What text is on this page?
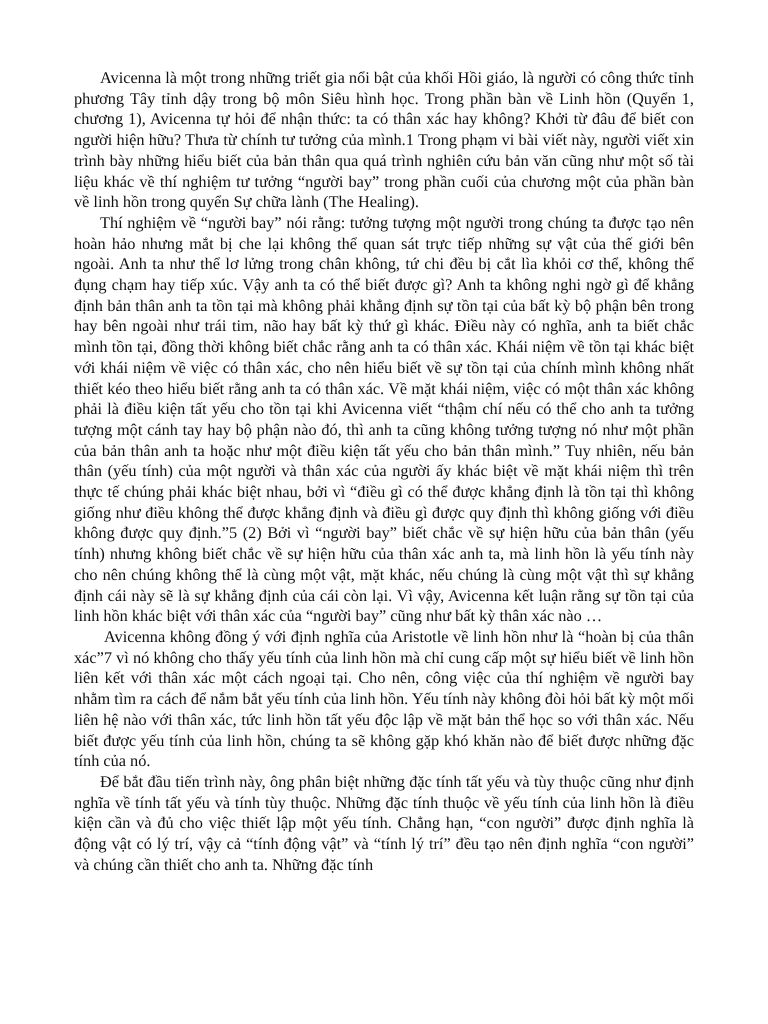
Avicenna là một trong những triết gia nổi bật của khối Hồi giáo, là người có công thức tỉnh phương Tây tỉnh dậy trong bộ môn Siêu hình học. Trong phần bàn về Linh hồn (Quyển 1, chương 1), Avicenna tự hỏi để nhận thức: ta có thân xác hay không? Khởi từ đâu để biết con người hiện hữu? Thưa từ chính tư tưởng của mình.1 Trong phạm vi bài viết này, người viết xin trình bày những hiểu biết của bản thân qua quá trình nghiên cứu bản văn cũng như một số tài liệu khác về thí nghiệm tư tưởng “người bay” trong phần cuối của chương một của phần bàn về linh hồn trong quyển Sự chữa lành (The Healing).

Thí nghiệm về “người bay” nói rằng: tưởng tượng một người trong chúng ta được tạo nên hoàn hảo nhưng mắt bị che lại không thể quan sát trực tiếp những sự vật của thế giới bên ngoài. Anh ta như thể lơ lửng trong chân không, tứ chi đều bị cắt lìa khỏi cơ thể, không thể đụng chạm hay tiếp xúc. Vậy anh ta có thể biết được gì? Anh ta không nghi ngờ gì để khẳng định bản thân anh ta tồn tại mà không phải khẳng định sự tồn tại của bất kỳ bộ phận bên trong hay bên ngoài như trái tim, não hay bất kỳ thứ gì khác. Điều này có nghĩa, anh ta biết chắc mình tồn tại, đồng thời không biết chắc rằng anh ta có thân xác. Khái niệm về tồn tại khác biệt với khái niệm về việc có thân xác, cho nên hiểu biết về sự tồn tại của chính mình không nhất thiết kéo theo hiểu biết rằng anh ta có thân xác. Về mặt khái niệm, việc có một thân xác không phải là điều kiện tất yếu cho tồn tại khi Avicenna viết “thậm chí nếu có thể cho anh ta tưởng tượng một cánh tay hay bộ phận nào đó, thì anh ta cũng không tưởng tượng nó như một phần của bản thân anh ta hoặc như một điều kiện tất yếu cho bản thân mình.” Tuy nhiên, nếu bản thân (yếu tính) của một người và thân xác của người ấy khác biệt về mặt khái niệm thì trên thực tế chúng phải khác biệt nhau, bởi vì “điều gì có thể được khẳng định là tồn tại thì không giống như điều không thể được khẳng định và điều gì được quy định thì không giống với điều không được quy định.”5 (2) Bởi vì “người bay” biết chắc về sự hiện hữu của bản thân (yếu tính) nhưng không biết chắc về sự hiện hữu của thân xác anh ta, mà linh hồn là yếu tính này cho nên chúng không thể là cùng một vật, mặt khác, nếu chúng là cùng một vật thì sự khẳng định cái này sẽ là sự khẳng định của cái còn lại. Vì vậy, Avicenna kết luận rằng sự tồn tại của linh hồn khác biệt với thân xác của “người bay” cũng như bất kỳ thân xác nào …

Avicenna không đồng ý với định nghĩa của Aristotle về linh hồn như là “hoàn bị của thân xác”7 vì nó không cho thấy yếu tính của linh hồn mà chỉ cung cấp một sự hiểu biết về linh hồn liên kết với thân xác một cách ngoại tại. Cho nên, công việc của thí nghiệm về người bay nhằm tìm ra cách để nắm bắt yếu tính của linh hồn. Yếu tính này không đòi hỏi bất kỳ một mối liên hệ nào với thân xác, tức linh hồn tất yếu độc lập về mặt bản thể học so với thân xác. Nếu biết được yếu tính của linh hồn, chúng ta sẽ không gặp khó khăn nào để biết được những đặc tính của nó.

Để bắt đầu tiến trình này, ông phân biệt những đặc tính tất yếu và tùy thuộc cũng như định nghĩa về tính tất yếu và tính tùy thuộc. Những đặc tính thuộc về yếu tính của linh hồn là điều kiện cần và đủ cho việc thiết lập một yếu tính. Chẳng hạn, “con người” được định nghĩa là động vật có lý trí, vậy cả “tính động vật” và “tính lý trí” đều tạo nên định nghĩa “con người” và chúng cần thiết cho anh ta. Những đặc tính
